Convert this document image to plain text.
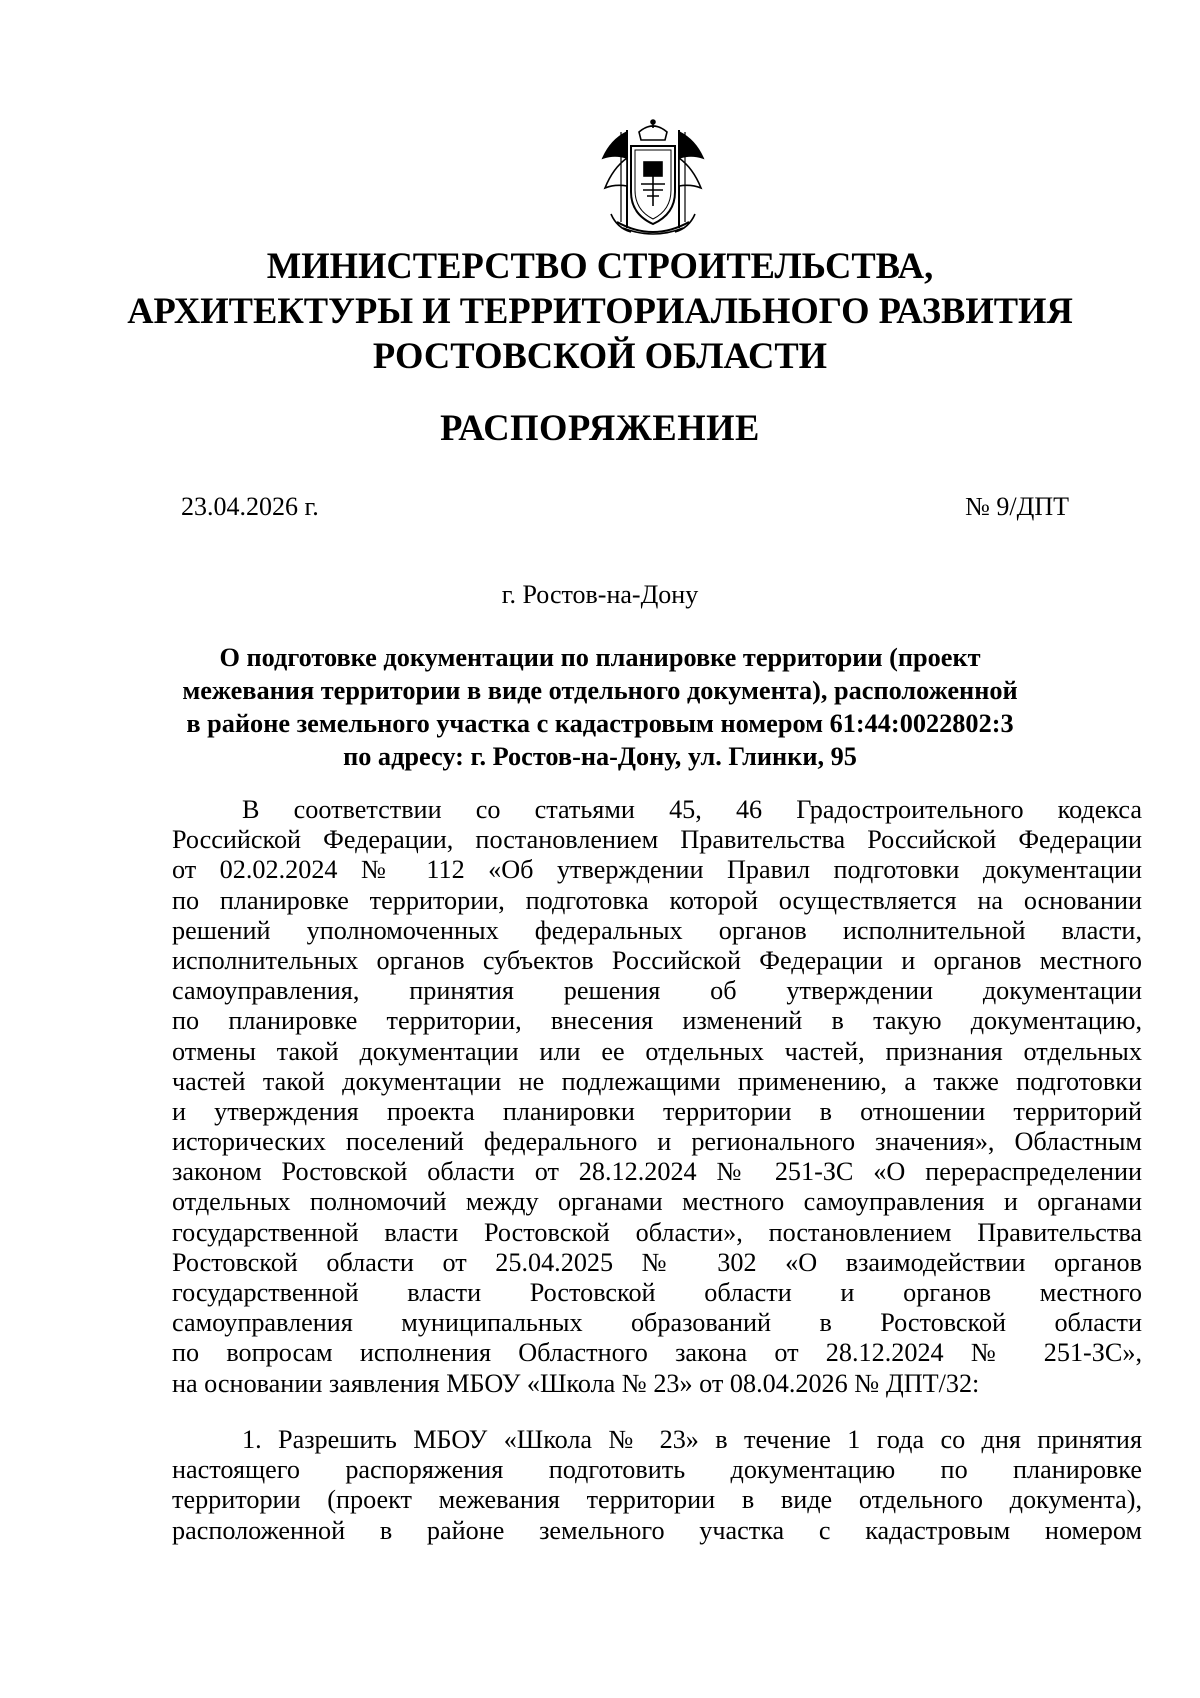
МИНИСТЕРСТВО СТРОИТЕЛЬСТВА,
АРХИТЕКТУРЫ И ТЕРРИТОРИАЛЬНОГО РАЗВИТИЯ
РОСТОВСКОЙ ОБЛАСТИ
РАСПОРЯЖЕНИЕ
23.04.2026 г.	№ 9/ДПТ
г. Ростов-на-Дону
О подготовке документации по планировке территории (проект
межевания территории в виде отдельного документа), расположенной
в районе земельного участка с кадастровым номером 61:44:0022802:3
по адресу: г. Ростов-на-Дону, ул. Глинки, 95
В соответствии со статьями 45, 46 Градостроительного кодекса
Российской Федерации, постановлением Правительства Российской Федерации
от 02.02.2024 № 112 «Об утверждении Правил подготовки документации
по планировке территории, подготовка которой осуществляется на основании
решений уполномоченных федеральных органов исполнительной власти,
исполнительных органов субъектов Российской Федерации и органов местного
самоуправления, принятия решения об утверждении документации
по планировке территории, внесения изменений в такую документацию,
отмены такой документации или ее отдельных частей, признания отдельных
частей такой документации не подлежащими применению, а также подготовки
и утверждения проекта планировки территории в отношении территорий
исторических поселений федерального и регионального значения», Областным
законом Ростовской области от 28.12.2024 № 251-ЗС «О перераспределении
отдельных полномочий между органами местного самоуправления и органами
государственной власти Ростовской области», постановлением Правительства
Ростовской области от 25.04.2025 № 302 «О взаимодействии органов
государственной власти Ростовской области и органов местного
самоуправления муниципальных образований в Ростовской области
по вопросам исполнения Областного закона от 28.12.2024 № 251-ЗС»,
на основании заявления МБОУ «Школа № 23» от 08.04.2026 № ДПТ/32:
1. Разрешить МБОУ «Школа № 23» в течение 1 года со дня принятия
настоящего распоряжения подготовить документацию по планировке
территории (проект межевания территории в виде отдельного документа),
расположенной в районе земельного участка с кадастровым номером
